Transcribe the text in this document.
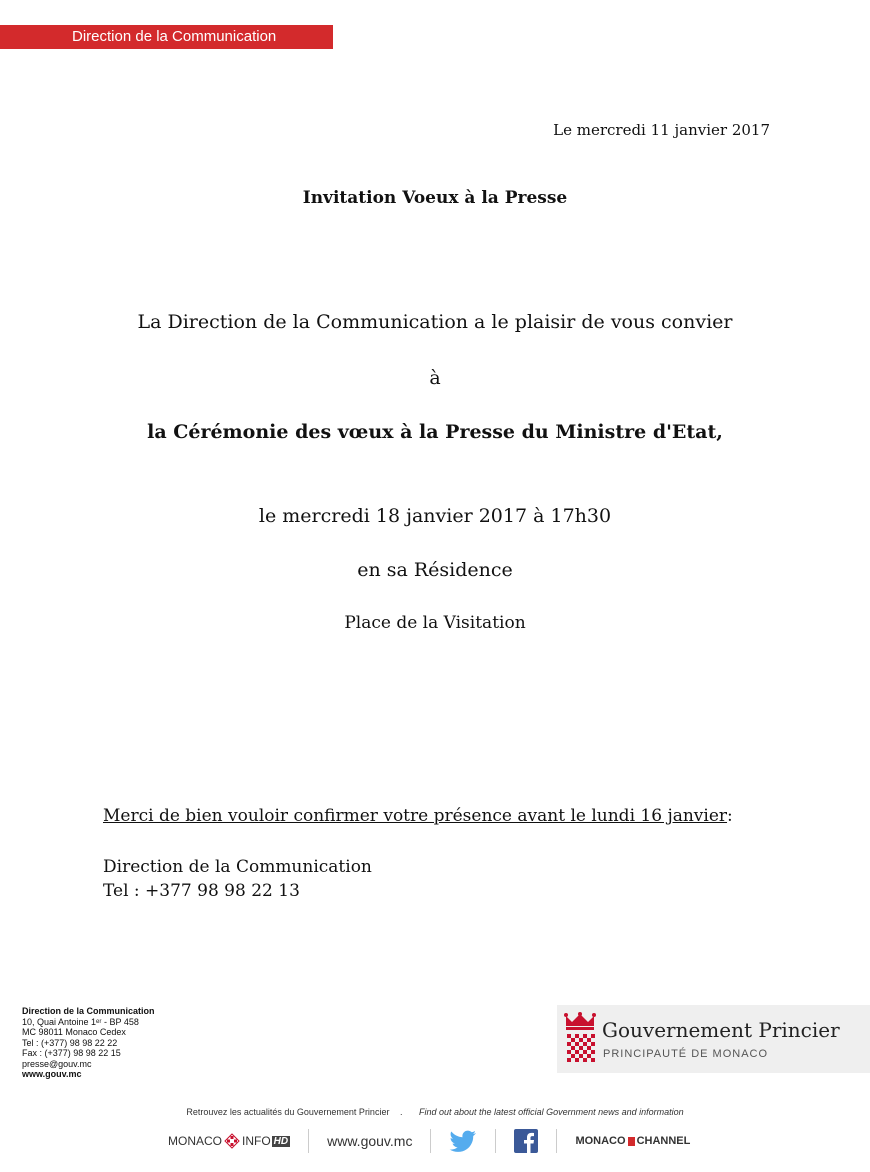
Direction de la Communication
Le mercredi 11 janvier 2017
Invitation Voeux à la Presse
La Direction de la Communication a le plaisir de vous convier
à
la Cérémonie des vœux à la Presse du Ministre d'Etat,
le mercredi 18 janvier 2017 à 17h30
en sa Résidence
Place de la Visitation
Merci de bien vouloir confirmer votre présence avant le lundi 16 janvier:
Direction de la Communication
Tel : +377 98 98 22 13
Direction de la Communication
10, Quai Antoine 1ᵉʳ - BP 458
MC 98011 Monaco Cedex
Tel : (+377) 98 98 22 22
Fax : (+377) 98 98 22 15
presse@gouv.mc
www.gouv.mc
Gouvernement Princier
PRINCIPAUTÉ DE MONACO
Retrouvez les actualités du Gouvernement Princier . Find out about the latest official Government news and information
MONACO INFO HD	www.gouv.mc	MONACO CHANNEL
